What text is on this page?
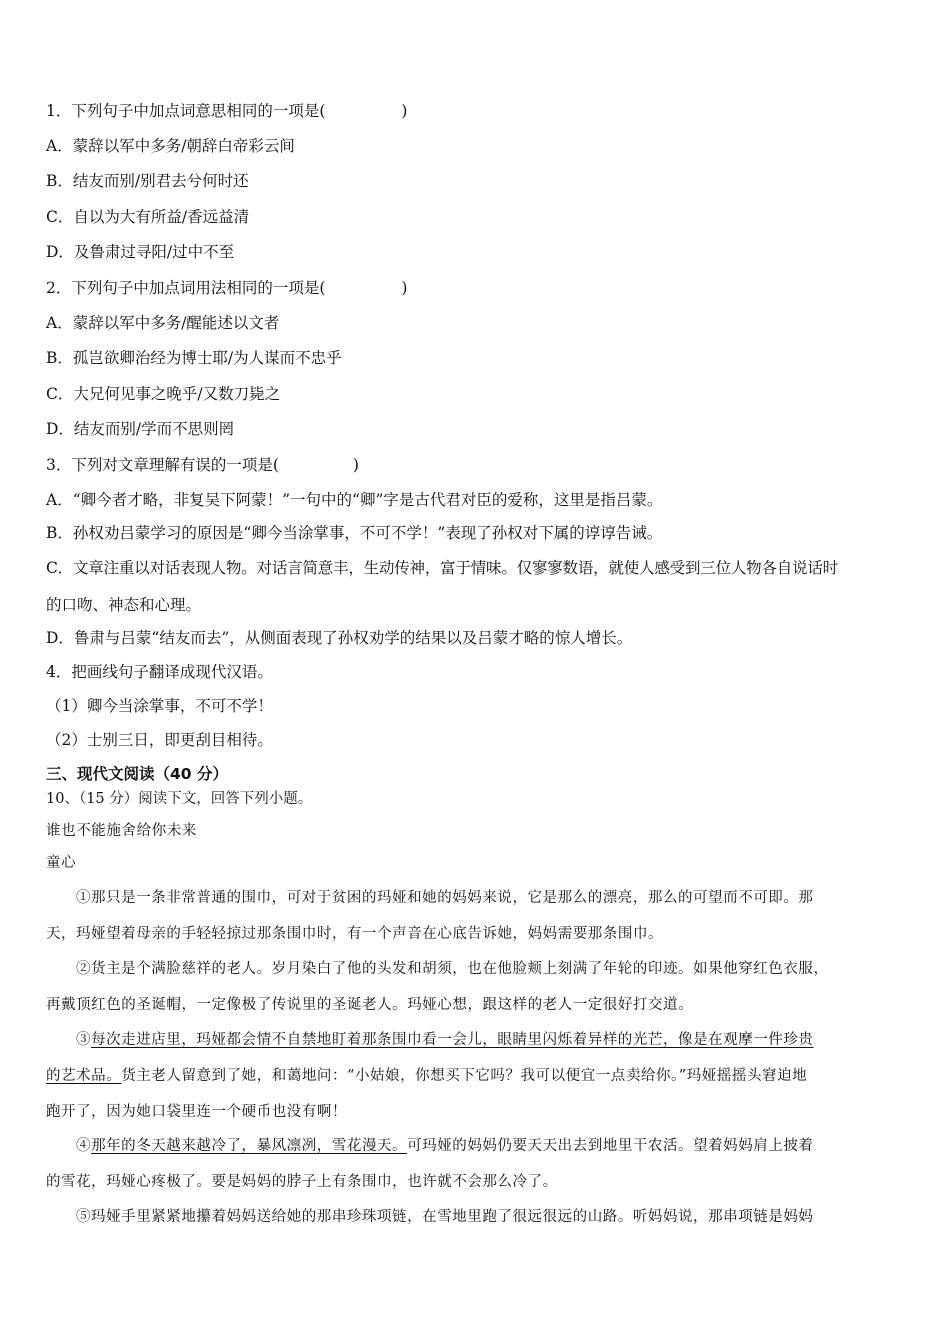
1．下列句子中加点词意思相同的一项是(	)
A．蒙辞以军中多务/朝辞白帝彩云间
B．结友而别/别君去兮何时还
C．自以为大有所益/香远益清
D．及鲁肃过寻阳/过中不至
2．下列句子中加点词用法相同的一项是(	)
A．蒙辞以军中多务/醒能述以文者
B．孤岂欲卿治经为博士耶/为人谋而不忠乎
C．大兄何见事之晚乎/又数刀毙之
D．结友而别/学而不思则罔
3．下列对文章理解有误的一项是(	)
A．“卿今者才略，非复吴下阿蒙！”一句中的“卿”字是古代君对臣的爱称，这里是指吕蒙。
B．孙权劝吕蒙学习的原因是“卿今当涂掌事，不可不学！”表现了孙权对下属的谆谆告诫。
C．文章注重以对话表现人物。对话言简意丰，生动传神，富于情味。仅寥寥数语，就使人感受到三位人物各自说话时
的口吻、神态和心理。
D．鲁肃与吕蒙“结友而去”，从侧面表现了孙权劝学的结果以及吕蒙才略的惊人增长。
4．把画线句子翻译成现代汉语。
（1）卿今当涂掌事，不可不学！
（2）士别三日，即更刮目相待。
三、现代文阅读（40 分）
10、（15 分）阅读下文，回答下列小题。
谁也不能施舍给你未来
童心
①那只是一条非常普通的围巾，可对于贫困的玛娅和她的妈妈来说，它是那么的漂亮，那么的可望而不可即。那
天，玛娅望着母亲的手轻轻掠过那条围巾时，有一个声音在心底告诉她，妈妈需要那条围巾。
②货主是个满脸慈祥的老人。岁月染白了他的头发和胡须，也在他脸颊上刻满了年轮的印迹。如果他穿红色衣服，
再戴顶红色的圣诞帽，一定像极了传说里的圣诞老人。玛娅心想，跟这样的老人一定很好打交道。
③每次走进店里，玛娅都会情不自禁地盯着那条围巾看一会儿，眼睛里闪烁着异样的光芒，像是在观摩一件珍贵
的艺术品。货主老人留意到了她，和蔼地问：“小姑娘，你想买下它吗？我可以便宜一点卖给你。”玛娅摇摇头窘迫地
跑开了，因为她口袋里连一个硬币也没有啊！
④那年的冬天越来越冷了，暴风凛冽，雪花漫天。可玛娅的妈妈仍要天天出去到地里干农活。望着妈妈肩上披着
的雪花，玛娅心疼极了。要是妈妈的脖子上有条围巾，也许就不会那么冷了。
⑤玛娅手里紧紧地攥着妈妈送给她的那串珍珠项链，在雪地里跑了很远很远的山路。听妈妈说，那串项链是妈妈
